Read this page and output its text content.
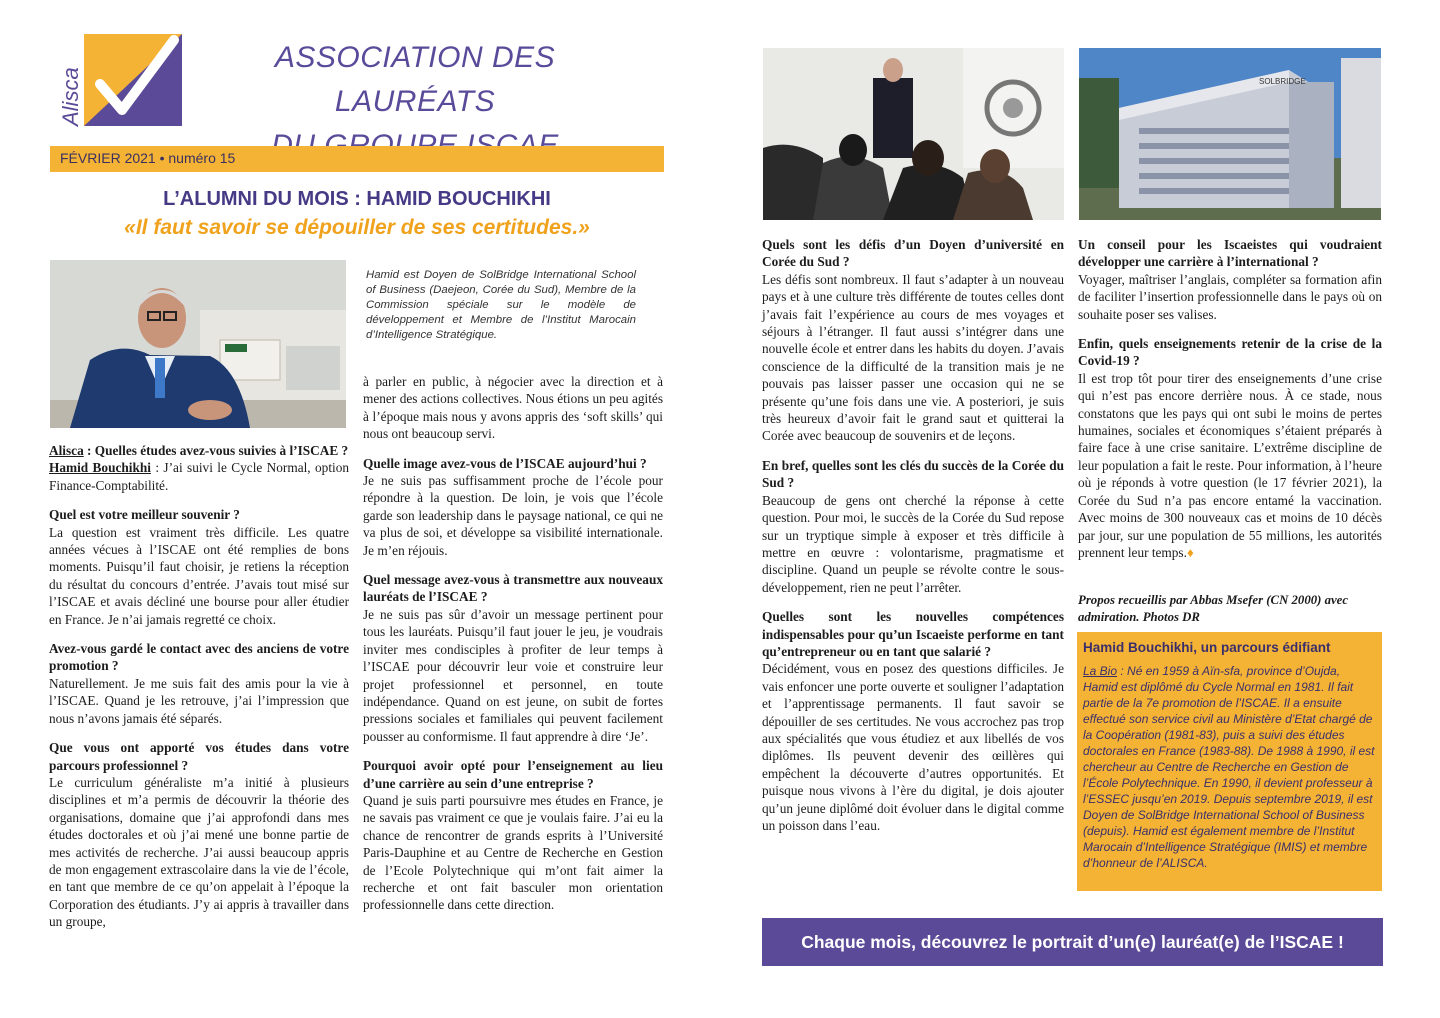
Alisca
ASSOCIATION DES LAURÉATS
FÉVRIER 2021 • numéro 15
L’ALUMNI DU MOIS : HAMID BOUCHIKHI
«Il faut savoir se dépouiller de ses certitudes.»
Hamid est Doyen de SolBridge International School of Business (Daejeon, Corée du Sud), Membre de la Commission spéciale sur le modèle de développement et Membre de l’Institut Marocain d’Intelligence Stratégique.

Alisca : Quelles études avez-vous suivies à l’ISCAE ?
Hamid Bouchikhi : J’ai suivi le Cycle Normal, option Finance-Comptabilité.

Quel est votre meilleur souvenir ?
La question est vraiment très difficile. Les quatre années vécues à l’ISCAE ont été remplies de bons moments. Puisqu’il faut choisir, je retiens la réception du résultat du concours d’entrée. J’avais tout misé sur l’ISCAE et avais décliné une bourse pour aller étudier en France. Je n’ai jamais regretté ce choix.

Avez-vous gardé le contact avec des anciens de votre promotion ?
Naturellement. Je me suis fait des amis pour la vie à l’ISCAE. Quand je les retrouve, j’ai l’impression que nous n’avons jamais été séparés.

Que vous ont apporté vos études dans votre parcours professionnel ?
Le curriculum généraliste m’a initié à plusieurs disciplines et m’a permis de découvrir la théorie des organisations, domaine que j’ai approfondi dans mes études doctorales et où j’ai mené une bonne partie de mes activités de recherche. J’ai aussi beaucoup appris de mon engagement extrascolaire dans la vie de l’école, en tant que membre de ce qu’on appelait à l’époque la Corporation des étudiants. J’y ai appris à travailler dans un groupe,

à parler en public, à négocier avec la direction et à mener des actions collectives. Nous étions un peu agités à l’époque mais nous y avons appris des ‘soft skills’ qui nous ont beaucoup servi.

Quelle image avez-vous de l’ISCAE aujourd’hui ?
Je ne suis pas suffisamment proche de l’école pour répondre à la question. De loin, je vois que l’école garde son leadership dans le paysage national, ce qui ne va plus de soi, et développe sa visibilité internationale. Je m’en réjouis.

Quel message avez-vous à transmettre aux nouveaux lauréats de l’ISCAE ?
Je ne suis pas sûr d’avoir un message pertinent pour tous les lauréats. Puisqu’il faut jouer le jeu, je voudrais inviter mes condisciples à profiter de leur temps à l’ISCAE pour découvrir leur voie et construire leur projet professionnel et personnel, en toute indépendance. Quand on est jeune, on subit de fortes pressions sociales et familiales qui peuvent facilement pousser au conformisme. Il faut apprendre à dire ‘Je’.

Pourquoi avoir opté pour l’enseignement au lieu d’une carrière au sein d’une entreprise ?
Quand je suis parti poursuivre mes études en France, je ne savais pas vraiment ce que je voulais faire. J’ai eu la chance de rencontrer de grands esprits à l’Université Paris-Dauphine et au Centre de Recherche en Gestion de l’Ecole Polytechnique qui m’ont fait aimer la recherche et ont fait basculer mon orientation professionnelle dans cette direction.

SOLBRIDGE

Quels sont les défis d’un Doyen d’université en Corée du Sud ?
Les défis sont nombreux. Il faut s’adapter à un nouveau pays et à une culture très différente de toutes celles dont j’avais fait l’expérience au cours de mes voyages et séjours à l’étranger. Il faut aussi s’intégrer dans une nouvelle école et entrer dans les habits du doyen. J’avais conscience de la difficulté de la transition mais je ne pouvais pas laisser passer une occasion qui ne se présente qu’une fois dans une vie. A posteriori, je suis très heureux d’avoir fait le grand saut et quitterai la Corée avec beaucoup de souvenirs et de leçons.

En bref, quelles sont les clés du succès de la Corée du Sud ?
Beaucoup de gens ont cherché la réponse à cette question. Pour moi, le succès de la Corée du Sud repose sur un tryptique simple à exposer et très difficile à mettre en œuvre : volontarisme, pragmatisme et discipline. Quand un peuple se révolte contre le sous-développement, rien ne peut l’arrêter.

Quelles sont les nouvelles compétences indispensables pour qu’un Iscaeiste performe en tant qu’entrepreneur ou en tant que salarié ?
Décidément, vous en posez des questions difficiles. Je vais enfoncer une porte ouverte et souligner l’adaptation et l’apprentissage permanents. Il faut savoir se dépouiller de ses certitudes. Ne vous accrochez pas trop aux spécialités que vous étudiez et aux libellés de vos diplômes. Ils peuvent devenir des œillères qui empêchent la découverte d’autres opportunités. Et puisque nous vivons à l’ère du digital, je dois ajouter qu’un jeune diplômé doit évoluer dans le digital comme un poisson dans l’eau.

Un conseil pour les Iscaeistes qui voudraient développer une carrière à l’international ?
Voyager, maîtriser l’anglais, compléter sa formation afin de faciliter l’insertion professionnelle dans le pays où on souhaite poser ses valises.

Enfin, quels enseignements retenir de la crise de la Covid-19 ?
Il est trop tôt pour tirer des enseignements d’une crise qui n’est pas encore derrière nous. À ce stade, nous constatons que les pays qui ont subi le moins de pertes humaines, sociales et économiques s’étaient préparés à faire face à une crise sanitaire. L’extrême discipline de leur population a fait le reste. Pour information, à l’heure où je réponds à votre question (le 17 février 2021), la Corée du Sud n’a pas encore entamé la vaccination. Avec moins de 300 nouveaux cas et moins de 10 décès par jour, sur une population de 55 millions, les autorités prennent leur temps.♦

Propos recueillis par Abbas Msefer (CN 2000) avec admiration. Photos DR
Hamid Bouchikhi, un parcours édifiant
La Bio : Né en 1959 à Aïn-sfa, province d’Oujda, Hamid est diplômé du Cycle Normal en 1981. Il fait partie de la 7e promotion de l’ISCAE. Il a ensuite effectué son service civil au Ministère d’Etat chargé de la Coopération (1981-83), puis a suivi des études doctorales en France (1983-88). De 1988 à 1990, il est chercheur au Centre de Recherche en Gestion de l’École Polytechnique. En 1990, il devient professeur à l’ESSEC jusqu’en 2019. Depuis septembre 2019, il est Doyen de SolBridge International School of Business (depuis). Hamid est également membre de l’Institut Marocain d’Intelligence Stratégique (IMIS) et membre d’honneur de l’ALISCA.
Chaque mois, découvrez le portrait d’un(e) lauréat(e) de l’ISCAE !
